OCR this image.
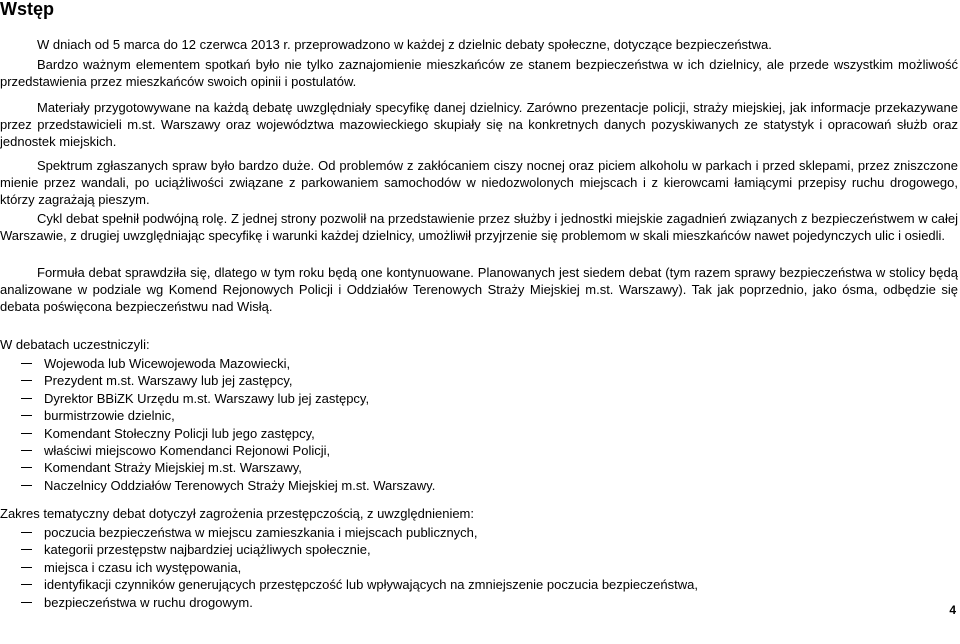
Wstęp

W dniach od 5 marca do 12 czerwca 2013 r. przeprowadzono w każdej z dzielnic debaty społeczne, dotyczące bezpieczeństwa.

Bardzo ważnym elementem spotkań było nie tylko zaznajomienie mieszkańców ze stanem bezpieczeństwa w ich dzielnicy, ale przede wszystkim możliwość przedstawienia przez mieszkańców swoich opinii i postulatów.

Materiały przygotowywane na każdą debatę uwzględniały specyfikę danej dzielnicy. Zarówno prezentacje policji, straży miejskiej, jak informacje przekazywane przez przedstawicieli m.st. Warszawy oraz województwa mazowieckiego skupiały się na konkretnych danych pozyskiwanych ze statystyk i opracowań służb oraz jednostek miejskich.

Spektrum zgłaszanych spraw było bardzo duże. Od problemów z zakłócaniem ciszy nocnej oraz piciem alkoholu w parkach i przed sklepami, przez zniszczone mienie przez wandali, po uciążliwości związane z parkowaniem samochodów w niedozwolonych miejscach i z kierowcami łamiącymi przepisy ruchu drogowego, którzy zagrażają pieszym.

Cykl debat spełnił podwójną rolę. Z jednej strony pozwolił na przedstawienie przez służby i jednostki miejskie zagadnień związanych z bezpieczeństwem w całej Warszawie, z drugiej uwzględniając specyfikę i warunki każdej dzielnicy, umożliwił przyjrzenie się problemom w skali mieszkańców nawet pojedynczych ulic i osiedli.

Formuła debat sprawdziła się, dlatego w tym roku będą one kontynuowane. Planowanych jest siedem debat (tym razem sprawy bezpieczeństwa w stolicy będą analizowane w podziale wg Komend Rejonowych Policji i Oddziałów Terenowych Straży Miejskiej m.st. Warszawy). Tak jak poprzednio, jako ósma, odbędzie się debata poświęcona bezpieczeństwu nad Wisłą.

W debatach uczestniczyli:

Wojewoda lub Wicewojewoda Mazowiecki,
Prezydent m.st. Warszawy lub jej zastępcy,
Dyrektor BBiZK Urzędu m.st. Warszawy lub jej zastępcy,
burmistrzowie dzielnic,
Komendant Stołeczny Policji lub jego zastępcy,
właściwi miejscowo Komendanci Rejonowi Policji,
Komendant Straży Miejskiej m.st. Warszawy,
Naczelnicy Oddziałów Terenowych Straży Miejskiej m.st. Warszawy.

Zakres tematyczny debat dotyczył zagrożenia przestępczością, z uwzględnieniem:

poczucia bezpieczeństwa w miejscu zamieszkania i miejscach publicznych,
kategorii przestępstw najbardziej uciążliwych społecznie,
miejsca i czasu ich występowania,
identyfikacji czynników generujących przestępczość lub wpływających na zmniejszenie poczucia bezpieczeństwa,
bezpieczeństwa w ruchu drogowym.
4
